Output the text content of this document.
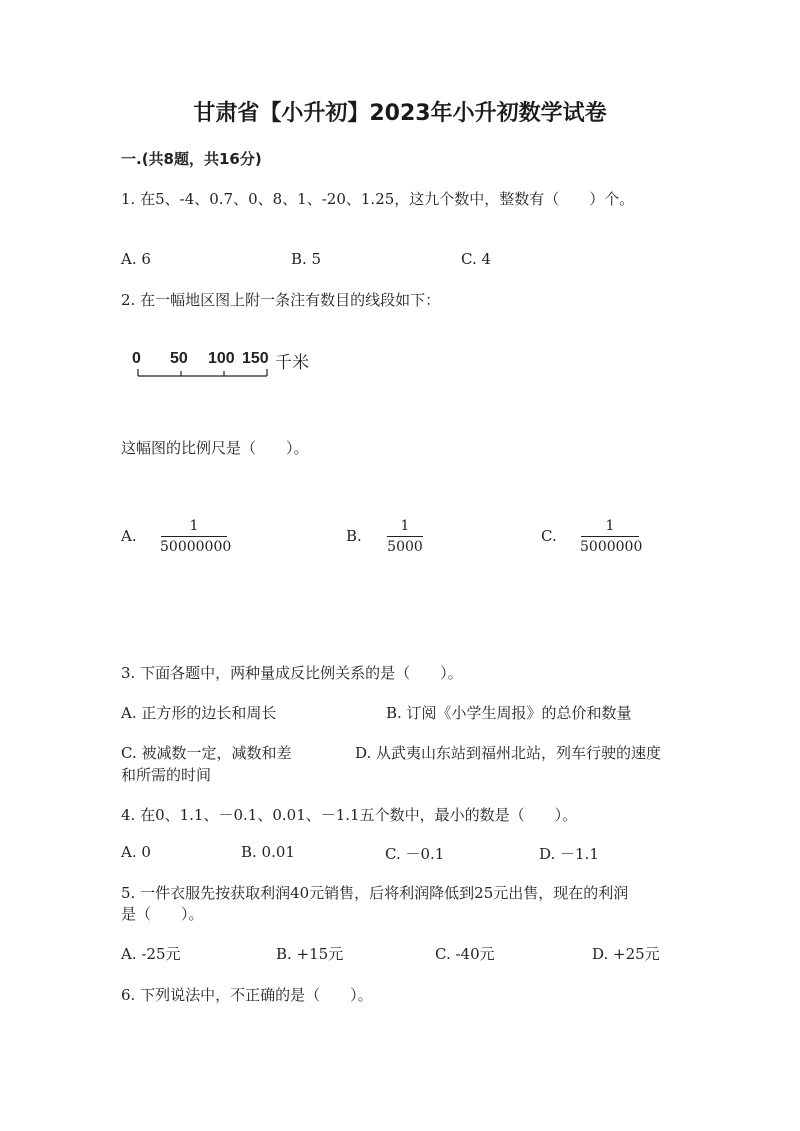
甘肃省【小升初】2023年小升初数学试卷
一.(共8题，共16分)
1. 在5、-4、0.7、0、8、1、-20、1.25，这九个数中，整数有（　　）个。
A. 6	B. 5	C. 4
2. 在一幅地区图上附一条注有数目的线段如下：
0 50 100 150 千米
这幅图的比例尺是（　　）。
A.
1
50000000
B.
1
5000
C.
1
5000000
3. 下面各题中，两种量成反比例关系的是（　　）。
A. 正方形的边长和周长	B. 订阅《小学生周报》的总价和数量
C. 被减数一定，减数和差	D. 从武夷山东站到福州北站，列车行驶的速度
和所需的时间
4. 在0、1.1、－0.1、0.01、－1.1五个数中，最小的数是（　　）。
A. 0	B. 0.01	C. －0.1	D. －1.1
5. 一件衣服先按获取利润40元销售，后将利润降低到25元出售，现在的利润
是（　　）。
A. -25元	B. +15元	C. -40元	D. +25元
6. 下列说法中，不正确的是（　　）。
